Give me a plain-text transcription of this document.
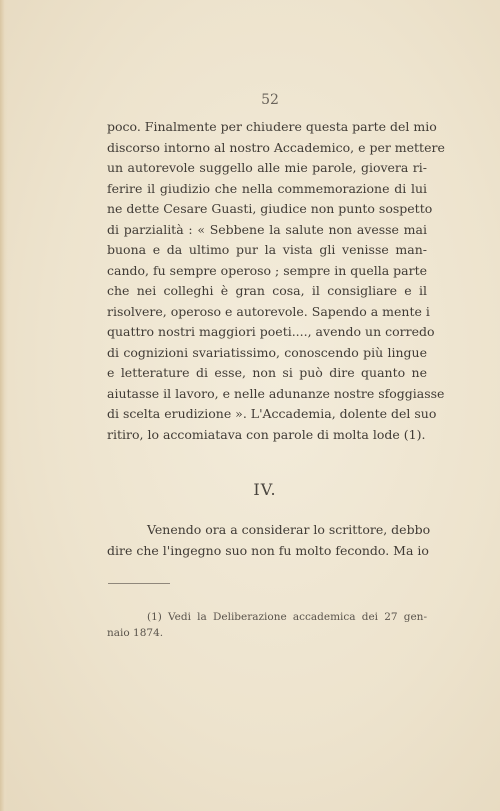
52
poco. Finalmente per chiudere questa parte del mio
discorso intorno al nostro Accademico, e per mettere
un autorevole suggello alle mie parole, giovera ri-
ferire il giudizio che nella commemorazione di lui
ne dette Cesare Guasti, giudice non punto sospetto
di parzialità : « Sebbene la salute non avesse mai
buona e da ultimo pur la vista gli venisse man-
cando, fu sempre operoso ; sempre in quella parte
che nei colleghi è gran cosa, il consigliare e il
risolvere, operoso e autorevole. Sapendo a mente i
quattro nostri maggiori poeti...., avendo un corredo
di cognizioni svariatissimo, conoscendo più lingue
e letterature di esse, non si può dire quanto ne
aiutasse il lavoro, e nelle adunanze nostre sfoggiasse
di scelta erudizione ». L'Accademia, dolente del suo
ritiro, lo accomiatava con parole di molta lode (1).
IV.
Venendo ora a considerar lo scrittore, debbo
dire che l'ingegno suo non fu molto fecondo. Ma io
(1) Vedi la Deliberazione accademica dei 27 gen-
naio 1874.
